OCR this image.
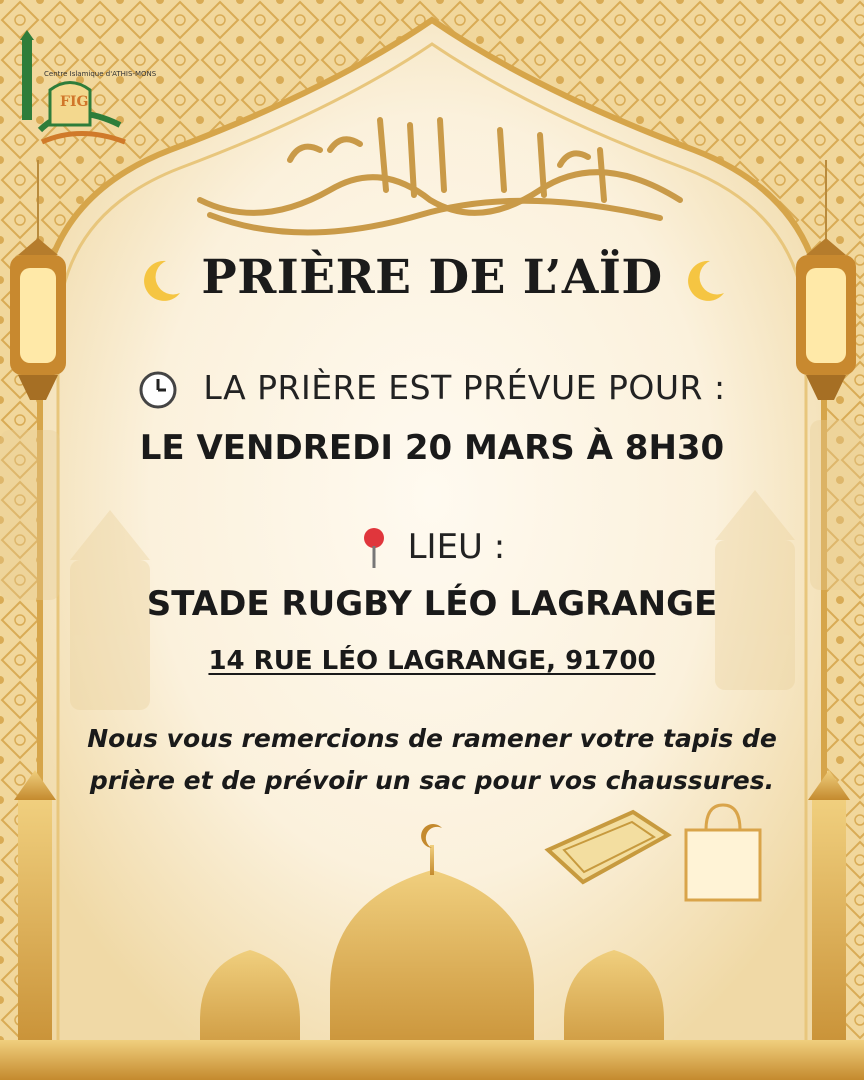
Centre Islamique d'ATHIS-MONS
FIG
PRIÈRE DE L’AÏD
LA PRIÈRE EST PRÉVUE POUR :
LE VENDREDI 20 MARS À 8H30
LIEU :
STADE RUGBY LÉO LAGRANGE
14 RUE LÉO LAGRANGE, 91700
Nous vous remercions de ramener votre tapis de
prière et de prévoir un sac pour vos chaussures.
